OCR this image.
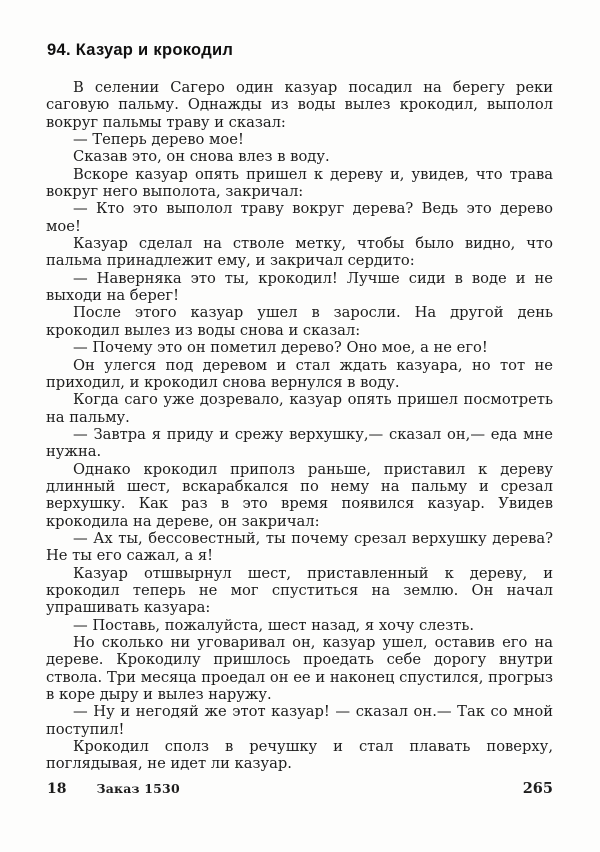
94. Казуар и крокодил

В селении Сагеро один казуар посадил на берегу реки саговую пальму. Однажды из воды вылез крокодил, выполол вокруг пальмы траву и сказал:

— Теперь дерево мое!

Сказав это, он снова влез в воду.

Вскоре казуар опять пришел к дереву и, увидев, что трава вокруг него выполота, закричал:

— Кто это выполол траву вокруг дерева? Ведь это дерево мое!

Казуар сделал на стволе метку, чтобы было видно, что пальма принадлежит ему, и закричал сердито:

— Наверняка это ты, крокодил! Лучше сиди в воде и не выходи на берег!

После этого казуар ушел в заросли. На другой день крокодил вылез из воды снова и сказал:

— Почему это он пометил дерево? Оно мое, а не его!

Он улегся под деревом и стал ждать казуара, но тот не приходил, и крокодил снова вернулся в воду.

Когда саго уже дозревало, казуар опять пришел посмотреть на пальму.

— Завтра я приду и срежу верхушку,— сказал он,— еда мне нужна.

Однако крокодил приполз раньше, приставил к дереву длинный шест, вскарабкался по нему на пальму и срезал верхушку. Как раз в это время появился казуар. Увидев крокодила на дереве, он закричал:

— Ах ты, бессовестный, ты почему срезал верхушку дерева? Не ты его сажал, а я!

Казуар отшвырнул шест, приставленный к дереву, и крокодил теперь не мог спуститься на землю. Он начал упрашивать казуара:

— Поставь, пожалуйста, шест назад, я хочу слезть.

Но сколько ни уговаривал он, казуар ушел, оставив его на дереве. Крокодилу пришлось проедать себе дорогу внутри ствола. Три месяца проедал он ее и наконец спустился, прогрыз в коре дыру и вылез наружу.

— Ну и негодяй же этот казуар! — сказал он.— Так со мной поступил!

Крокодил сполз в речушку и стал плавать поверху, поглядывая, не идет ли казуар.

18 Заказ 1530	265
